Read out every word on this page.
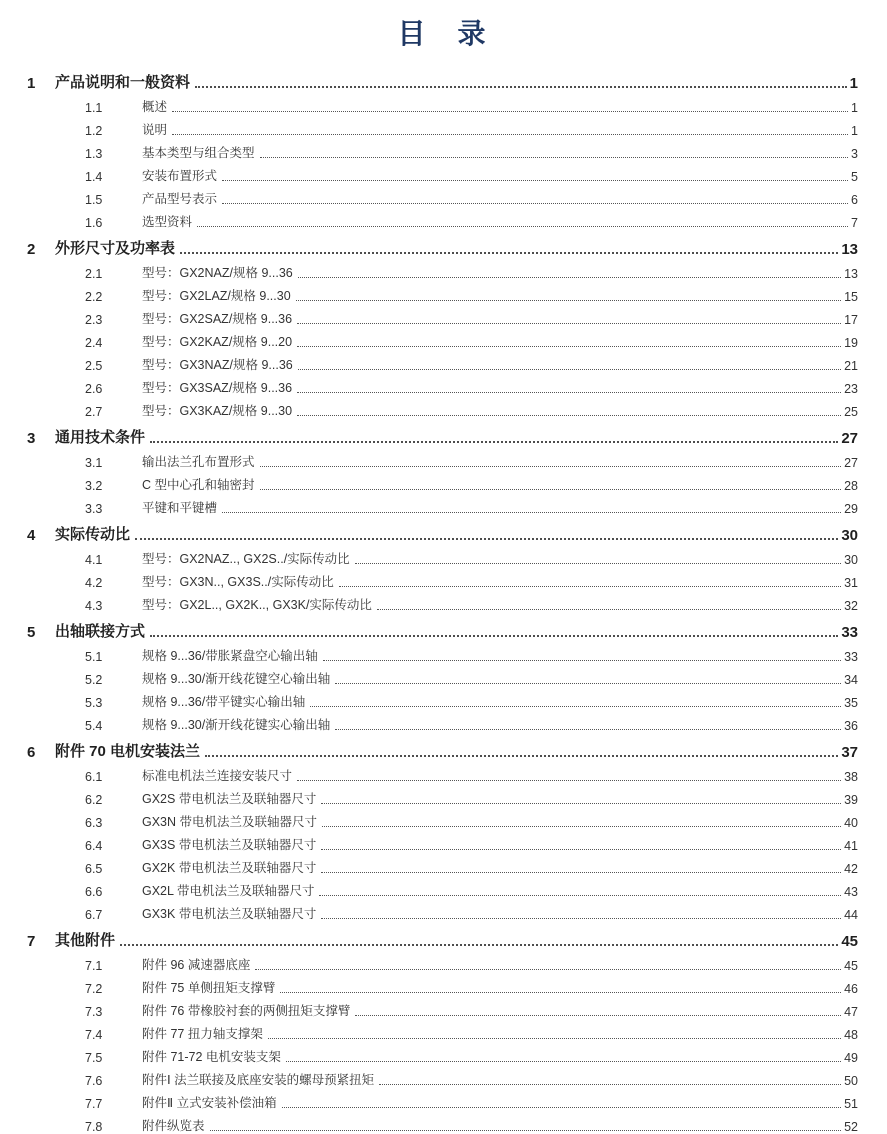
目　录
1	产品说明和一般资料	1
1.1	概述	1
1.2	说明	1
1.3	基本类型与组合类型	3
1.4	安装布置形式	5
1.5	产品型号表示	6
1.6	选型资料	7
2	外形尺寸及功率表	13
2.1	型号：GX2NAZ/规格 9...36	13
2.2	型号：GX2LAZ/规格 9...30	15
2.3	型号：GX2SAZ/规格 9...36	17
2.4	型号：GX2KAZ/规格 9...20	19
2.5	型号：GX3NAZ/规格 9...36	21
2.6	型号：GX3SAZ/规格 9...36	23
2.7	型号：GX3KAZ/规格 9...30	25
3	通用技术条件	27
3.1	输出法兰孔布置形式	27
3.2	C 型中心孔和轴密封	28
3.3	平键和平键槽	29
4	实际传动比	30
4.1	型号：GX2NAZ.., GX2S../实际传动比	30
4.2	型号：GX3N.., GX3S../实际传动比	31
4.3	型号：GX2L.., GX2K.., GX3K/实际传动比	32
5	出轴联接方式	33
5.1	规格 9...36/带胀紧盘空心输出轴	33
5.2	规格 9...30/渐开线花键空心输出轴	34
5.3	规格 9...36/带平键实心输出轴	35
5.4	规格 9...30/渐开线花键实心输出轴	36
6	附件 70 电机安装法兰	37
6.1	标准电机法兰连接安装尺寸	38
6.2	GX2S 带电机法兰及联轴器尺寸	39
6.3	GX3N 带电机法兰及联轴器尺寸	40
6.4	GX3S 带电机法兰及联轴器尺寸	41
6.5	GX2K 带电机法兰及联轴器尺寸	42
6.6	GX2L 带电机法兰及联轴器尺寸	43
6.7	GX3K 带电机法兰及联轴器尺寸	44
7	其他附件	45
7.1	附件 96 减速器底座	45
7.2	附件 75 单侧扭矩支撑臂	46
7.3	附件 76 带橡胶衬套的两侧扭矩支撑臂	47
7.4	附件 77 扭力轴支撑架	48
7.5	附件 71-72 电机安装支架	49
7.6	附件Ⅰ 法兰联接及底座安装的螺母预紧扭矩	50
7.7	附件Ⅱ 立式安装补偿油箱	51
7.8	附件纵览表	52
